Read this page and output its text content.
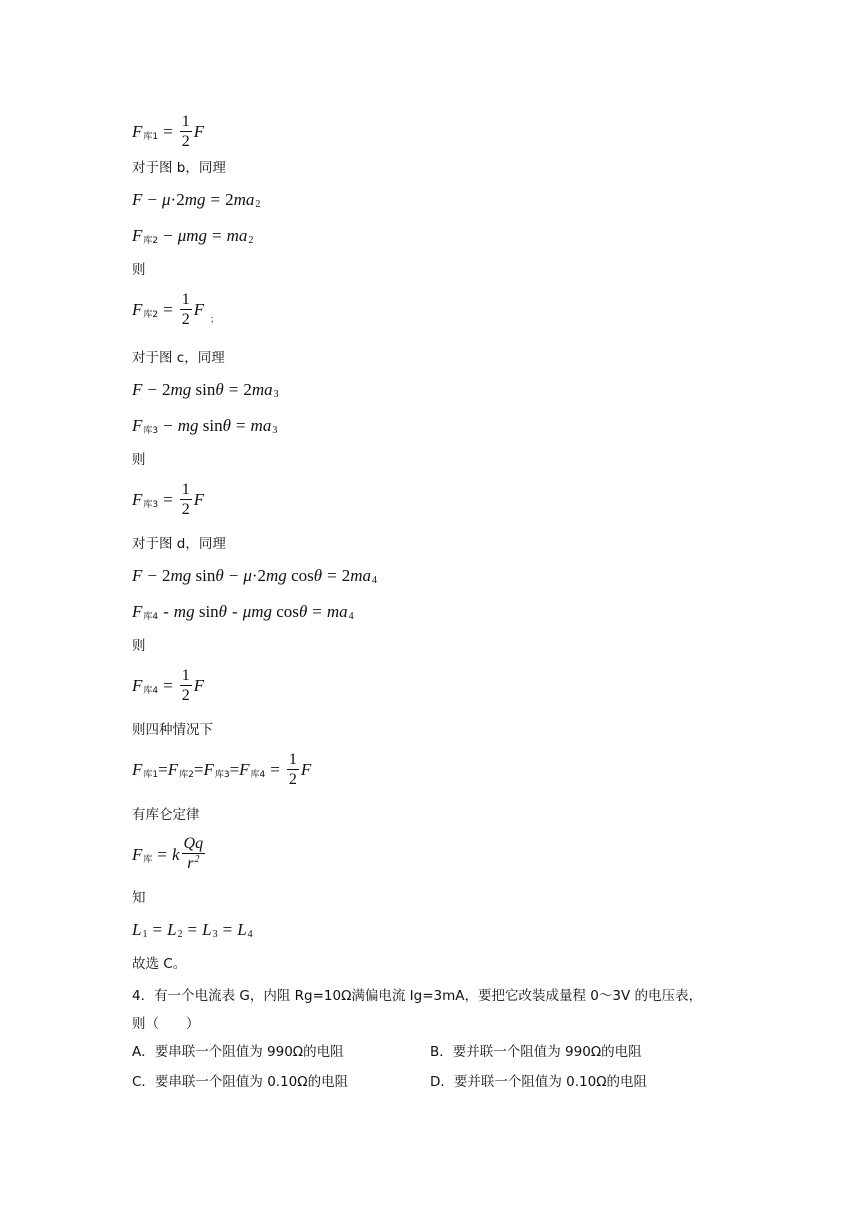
F 库$1 = \frac{1}{2}$ F
对于图 b，同理
F − μ ·2 mg = 2 ma 2
F 库2 − μmg = ma 2
则
F 库$2 = \frac{1}{2}$ F
；
对于图 c，同理
F − 2 mg sin θ = 2 ma 3
F 库3 − mg sin θ = ma 3
则
F 库$3 = \frac{1}{2}$ F
对于图 d，同理
F − 2 mg sin θ − μ ·2 mg cos θ = 2 ma 4
F 库4 - mg sin θ - μmg cos θ = ma 4
则
F 库$4 = \frac{1}{2}$ F
则四种情况下
F 库1 = F 库2 = F 库3 = F 库$4 = \frac{1}{2}$ F
有库仑定律
F 库 = k $\frac{Qq}{r^2}$
知
L 1 = L 2 = L 3 = L 4
故选 C。
4．有一个电流表 G，内阻 Rg=10Ω满偏电流 Ig=3mA，要把它改装成量程 0～3V 的电压表，
则（　　）
A．要串联一个阻值为 990Ω的电阻	B．要并联一个阻值为 990Ω的电阻
C．要串联一个阻值为 0.10Ω的电阻	D．要并联一个阻值为 0.10Ω的电阻
